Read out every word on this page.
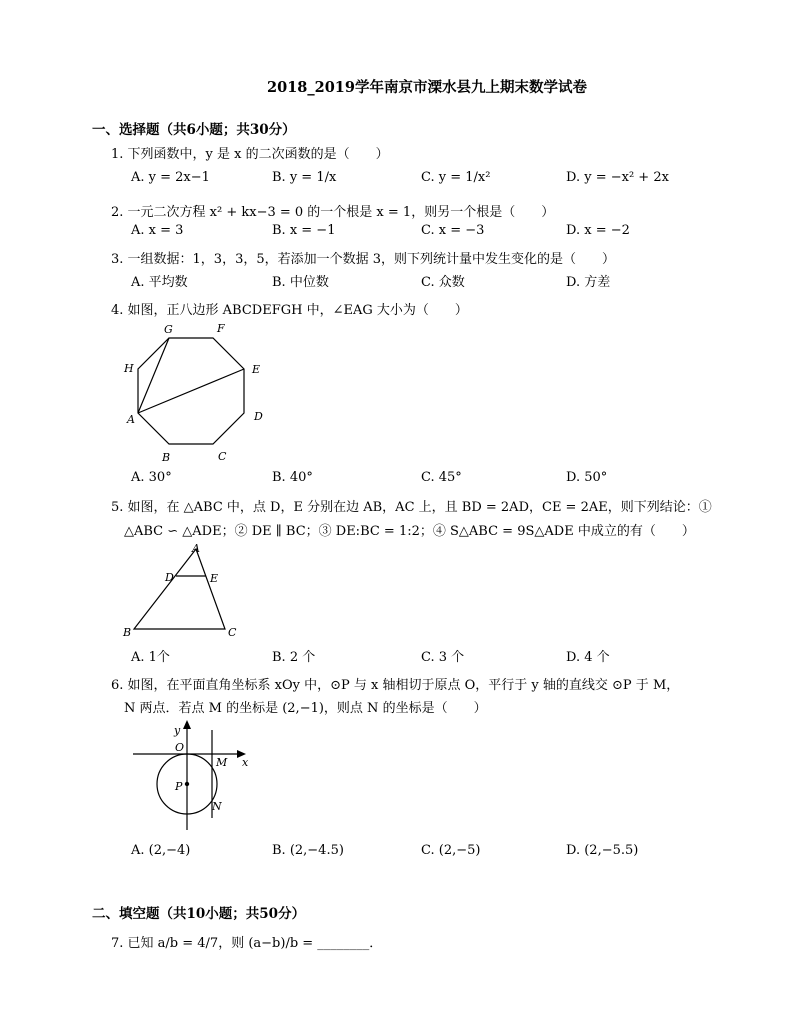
2018_2019学年南京市溧水县九上期末数学试卷
一、选择题（共6小题；共30分）
1. 下列函数中，y 是 x 的二次函数的是（　　）
A. y = 2x−1	B. y = 1/x	C. y = 1/x²	D. y = −x² + 2x
2. 一元二次方程 x² + kx−3 = 0 的一个根是 x = 1，则另一个根是（　　）
A. x = 3	B. x = −1	C. x = −3	D. x = −2
3. 一组数据：1，3，3，5，若添加一个数据 3，则下列统计量中发生变化的是（　　）
A. 平均数	B. 中位数	C. 众数	D. 方差
4. 如图，正八边形 ABCDEFGH 中，∠EAG 大小为（　　）
A
B	C
D
E
F
G
H
A. 30°	B. 40°	C. 45°	D. 50°
5. 如图，在 △ABC 中，点 D，E 分别在边 AB，AC 上，且 BD = 2AD，CE = 2AE，则下列结论：①
△ABC ∽ △ADE；② DE ∥ BC；③ DE:BC = 1:2；④ S△ABC = 9S△ADE 中成立的有（　　）
A
B	C
D	E
A. 1个	B. 2 个	C. 3 个	D. 4 个
6. 如图，在平面直角坐标系 xOy 中，⊙P 与 x 轴相切于原点 O，平行于 y 轴的直线交 ⊙P 于 M，
N 两点．若点 M 的坐标是 (2,−1)，则点 N 的坐标是（　　）
y
x
O
M
P
N
A. (2,−4)	B. (2,−4.5)	C. (2,−5)	D. (2,−5.5)
二、填空题（共10小题；共50分）
7. 已知 a/b = 4/7，则 (a−b)/b = ________．
